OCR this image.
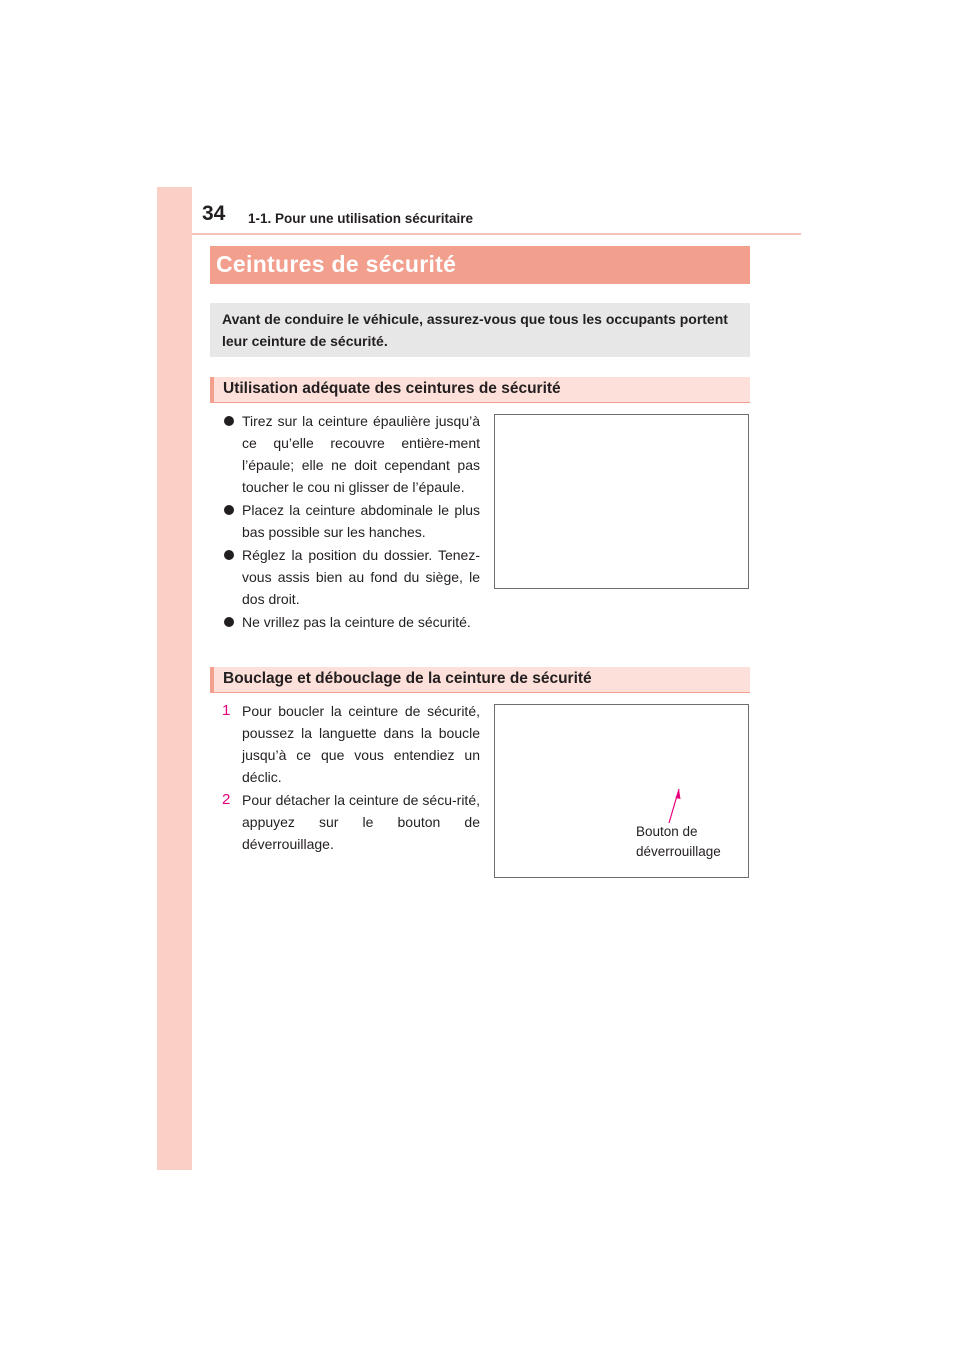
34 1-1. Pour une utilisation sécuritaire
Ceintures de sécurité

Avant de conduire le véhicule, assurez-vous que tous les occupants portent leur ceinture de sécurité.

Utilisation adéquate des ceintures de sécurité
Tirez sur la ceinture épaulière jusqu’à ce qu’elle recouvre entière-ment l’épaule; elle ne doit cependant pas toucher le cou ni glisser de l’épaule.
Placez la ceinture abdominale le plus bas possible sur les hanches.
Réglez la position du dossier. Tenez-vous assis bien au fond du siège, le dos droit.
Ne vrillez pas la ceinture de sécurité.
Bouclage et débouclage de la ceinture de sécurité
1 Pour boucler la ceinture de sécurité, poussez la languette dans la boucle jusqu’à ce que vous entendiez un déclic.
2 Pour détacher la ceinture de sécu-rité, appuyez sur le bouton de déverrouillage.

Bouton de
déverrouillage
